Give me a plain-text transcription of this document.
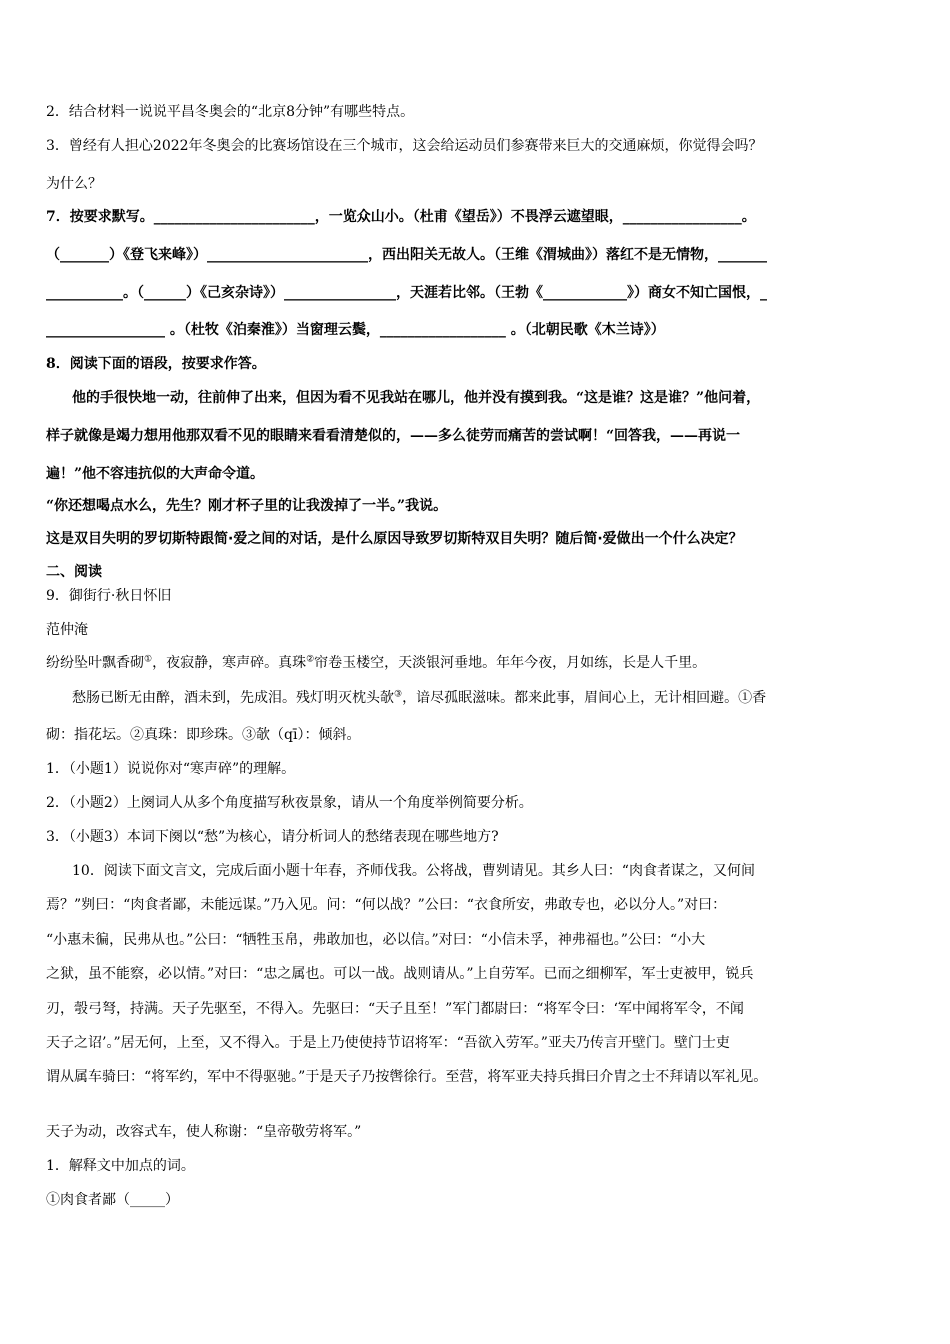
2．结合材料一说说平昌冬奥会的“北京8分钟”有哪些特点。
3．曾经有人担心2022年冬奥会的比赛场馆设在三个城市，这会给运动员们参赛带来巨大的交通麻烦，你觉得会吗？
为什么？
7．按要求默写。_______________________，一览众山小。（杜甫《望岳》）不畏浮云遮望眼，_________________。
（_______）《登飞来峰》）_______________________，西出阳关无故人。（王维《渭城曲》）落红不是无情物，_______
___________。（______）《己亥杂诗》）________________，天涯若比邻。（王勃《____________》）商女不知亡国恨，_
_________________ 。（杜牧《泊秦淮》）当窗理云鬓，__________________ 。（北朝民歌《木兰诗》）
8．阅读下面的语段，按要求作答。
他的手很快地一动，往前伸了出来，但因为看不见我站在哪儿，他并没有摸到我。“这是谁？这是谁？”他问着，
样子就像是竭力想用他那双看不见的眼睛来看看清楚似的，——多么徒劳而痛苦的尝试啊！“回答我，——再说一
遍！”他不容违抗似的大声命令道。
“你还想喝点水么，先生？刚才杯子里的让我泼掉了一半。”我说。
这是双目失明的罗切斯特跟简·爱之间的对话，是什么原因导致罗切斯特双目失明？随后简·爱做出一个什么决定？
二、阅读
9．御街行·秋日怀旧
范仲淹
纷纷坠叶飘香砌①，夜寂静，寒声碎。真珠②帘卷玉楼空，天淡银河垂地。年年今夜，月如练，长是人千里。
愁肠已断无由醉，酒未到，先成泪。残灯明灭枕头欹③，谙尽孤眠滋味。都来此事，眉间心上，无计相回避。①香
砌：指花坛。②真珠：即珍珠。③欹（qī）：倾斜。
1．（小题1）说说你对“寒声碎”的理解。
2．（小题2）上阕词人从多个角度描写秋夜景象，请从一个角度举例简要分析。
3．（小题3）本词下阕以“愁”为核心，请分析词人的愁绪表现在哪些地方?
10．阅读下面文言文，完成后面小题十年春，齐师伐我。公将战，曹刿请见。其乡人曰：“肉食者谋之，又何间
焉？”刿曰：“肉食者鄙，未能远谋。”乃入见。问：“何以战？”公曰：“衣食所安，弗敢专也，必以分人。”对曰：
“小惠未徧，民弗从也。”公曰：“牺牲玉帛，弗敢加也，必以信。”对曰：“小信未孚，神弗福也。”公曰：“小大
之狱，虽不能察，必以情。”对曰：“忠之属也。可以一战。战则请从。”上自劳军。已而之细柳军，军士吏被甲，锐兵
刃，彀弓弩，持满。天子先驱至，不得入。先驱曰：“天子且至！”军门都尉曰：“将军令曰：‘军中闻将军令，不闻
天子之诏’。”居无何，上至，又不得入。于是上乃使使持节诏将军：“吾欲入劳军。”亚夫乃传言开壁门。壁门士吏
谓从属车骑曰：“将军约，军中不得驱驰。”于是天子乃按辔徐行。至营，将军亚夫持兵揖曰介胄之士不拜请以军礼见。
天子为动，改容式车，使人称谢：“皇帝敬劳将军。”
1．解释文中加点的词。
①肉食者鄙（_____）
